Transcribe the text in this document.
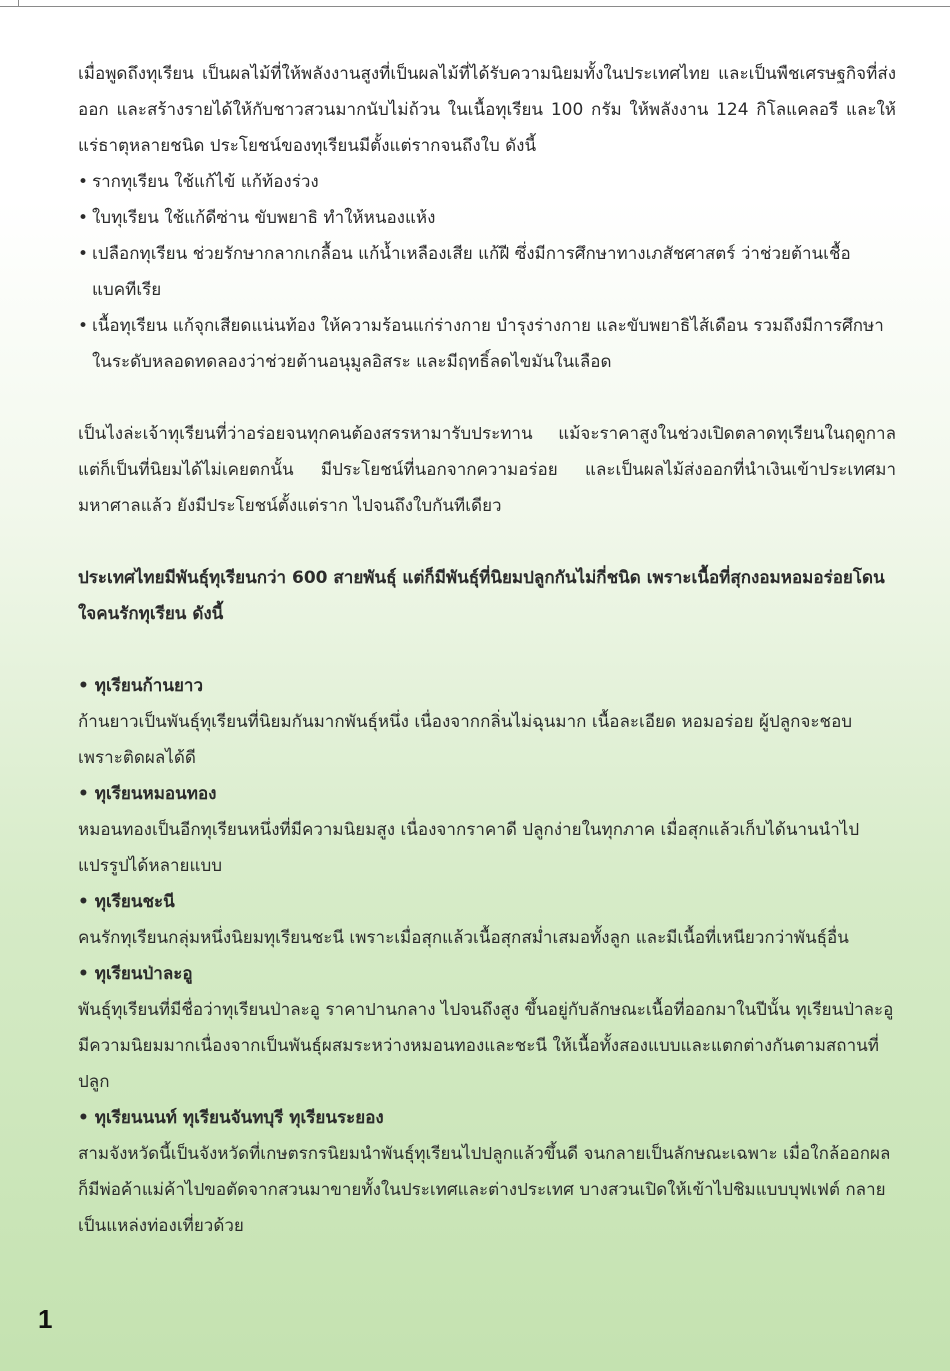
เมื่อพูดถึงทุเรียน เป็นผลไม้ที่ให้พลังงานสูงที่เป็นผลไม้ที่ได้รับความนิยมทั้งในประเทศไทย และเป็นพืชเศรษฐกิจที่ส่งออก และสร้างรายได้ให้กับชาวสวนมากนับไม่ถ้วน ในเนื้อทุเรียน 100 กรัม ให้พลังงาน 124 กิโลแคลอรี และให้แร่ธาตุหลายชนิด ประโยชน์ของทุเรียนมีตั้งแต่รากจนถึงใบ ดังนี้

• รากทุเรียน ใช้แก้ไข้ แก้ท้องร่วง
• ใบทุเรียน ใช้แก้ดีซ่าน ขับพยาธิ ทำให้หนองแห้ง
• เปลือกทุเรียน ช่วยรักษากลากเกลื้อน แก้น้ำเหลืองเสีย แก้ฝี ซึ่งมีการศึกษาทางเภสัชศาสตร์ ว่าช่วยต้านเชื้อแบคทีเรีย
• เนื้อทุเรียน แก้จุกเสียดแน่นท้อง ให้ความร้อนแก่ร่างกาย บำรุงร่างกาย และขับพยาธิไส้เดือน รวมถึงมีการศึกษาในระดับหลอดทดลองว่าช่วยต้านอนุมูลอิสระ และมีฤทธิ์ลดไขมันในเลือด

เป็นไงล่ะเจ้าทุเรียนที่ว่าอร่อยจนทุกคนต้องสรรหามารับประทาน แม้จะราคาสูงในช่วงเปิดตลาดทุเรียนในฤดูกาล แต่ก็เป็นที่นิยมได้ไม่เคยตกนั้น มีประโยชน์ที่นอกจากความอร่อย และเป็นผลไม้ส่งออกที่นำเงินเข้าประเทศมามหาศาลแล้ว ยังมีประโยชน์ตั้งแต่ราก ไปจนถึงใบกันทีเดียว

ประเทศไทยมีพันธุ์ทุเรียนกว่า 600 สายพันธุ์ แต่ก็มีพันธุ์ที่นิยมปลูกกันไม่กี่ชนิด เพราะเนื้อที่สุกงอมหอมอร่อยโดนใจคนรักทุเรียน ดังนี้

• ทุเรียนก้านยาว

ก้านยาวเป็นพันธุ์ทุเรียนที่นิยมกันมากพันธุ์หนึ่ง เนื่องจากกลิ่นไม่ฉุนมาก เนื้อละเอียด หอมอร่อย ผู้ปลูกจะชอบเพราะติดผลได้ดี

• ทุเรียนหมอนทอง

หมอนทองเป็นอีกทุเรียนหนึ่งที่มีความนิยมสูง เนื่องจากราคาดี ปลูกง่ายในทุกภาค เมื่อสุกแล้วเก็บได้นานนำไปแปรรูปได้หลายแบบ

• ทุเรียนชะนี

คนรักทุเรียนกลุ่มหนึ่งนิยมทุเรียนชะนี เพราะเมื่อสุกแล้วเนื้อสุกสม่ำเสมอทั้งลูก และมีเนื้อที่เหนียวกว่าพันธุ์อื่น

• ทุเรียนป่าละอู

พันธุ์ทุเรียนที่มีชื่อว่าทุเรียนป่าละอู ราคาปานกลาง ไปจนถึงสูง ขึ้นอยู่กับลักษณะเนื้อที่ออกมาในปีนั้น ทุเรียนป่าละอูมีความนิยมมากเนื่องจากเป็นพันธุ์ผสมระหว่างหมอนทองและชะนี ให้เนื้อทั้งสองแบบและแตกต่างกันตามสถานที่ปลูก

• ทุเรียนนนท์ ทุเรียนจันทบุรี ทุเรียนระยอง

สามจังหวัดนี้เป็นจังหวัดที่เกษตรกรนิยมนำพันธุ์ทุเรียนไปปลูกแล้วขึ้นดี จนกลายเป็นลักษณะเฉพาะ เมื่อใกล้ออกผลก็มีพ่อค้าแม่ค้าไปขอตัดจากสวนมาขายทั้งในประเทศและต่างประเทศ บางสวนเปิดให้เข้าไปชิมแบบบุฟเฟต์ กลายเป็นแหล่งท่องเที่ยวด้วย

1
